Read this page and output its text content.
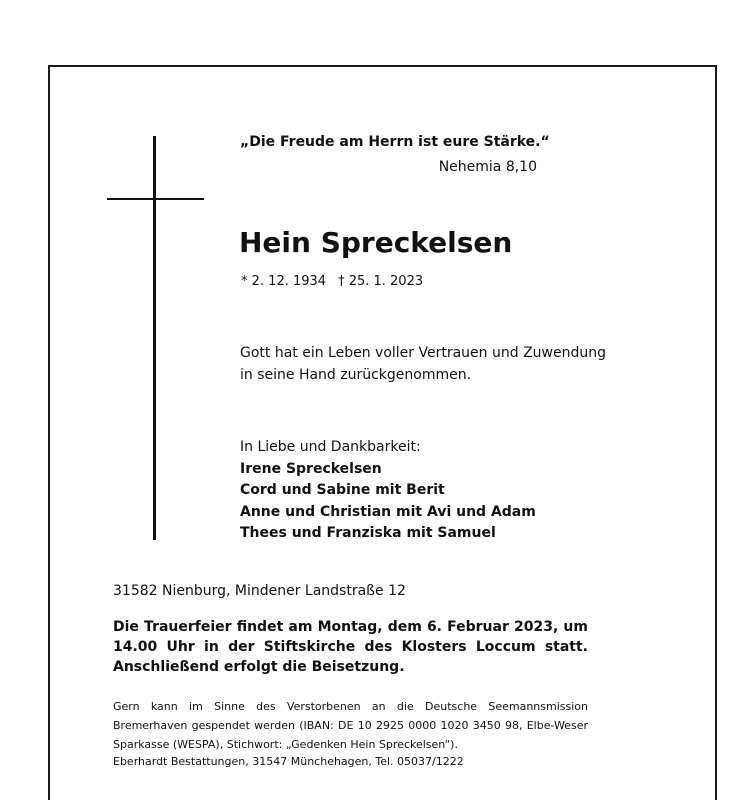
„Die Freude am Herrn ist eure Stärke.“
Nehemia 8,10
Hein Spreckelsen
* 2. 12. 1934 † 25. 1. 2023
Gott hat ein Leben voller Vertrauen und Zuwendung
in seine Hand zurückgenommen.
In Liebe und Dankbarkeit:
Irene Spreckelsen
Cord und Sabine mit Berit
Anne und Christian mit Avi und Adam
Thees und Franziska mit Samuel
31582 Nienburg, Mindener Landstraße 12
Die Trauerfeier findet am Montag, dem 6. Februar 2023, um 14.00 Uhr in der Stiftskirche des Klosters Loccum statt. Anschließend erfolgt die Beisetzung.
Gern kann im Sinne des Verstorbenen an die Deutsche Seemannsmission Bremerhaven gespendet werden (IBAN: DE 10 2925 0000 1020 3450 98, Elbe-Weser Sparkasse (WESPA), Stichwort: „Gedenken Hein Spreckelsen“).
Eberhardt Bestattungen, 31547 Münchehagen, Tel. 05037/1222
